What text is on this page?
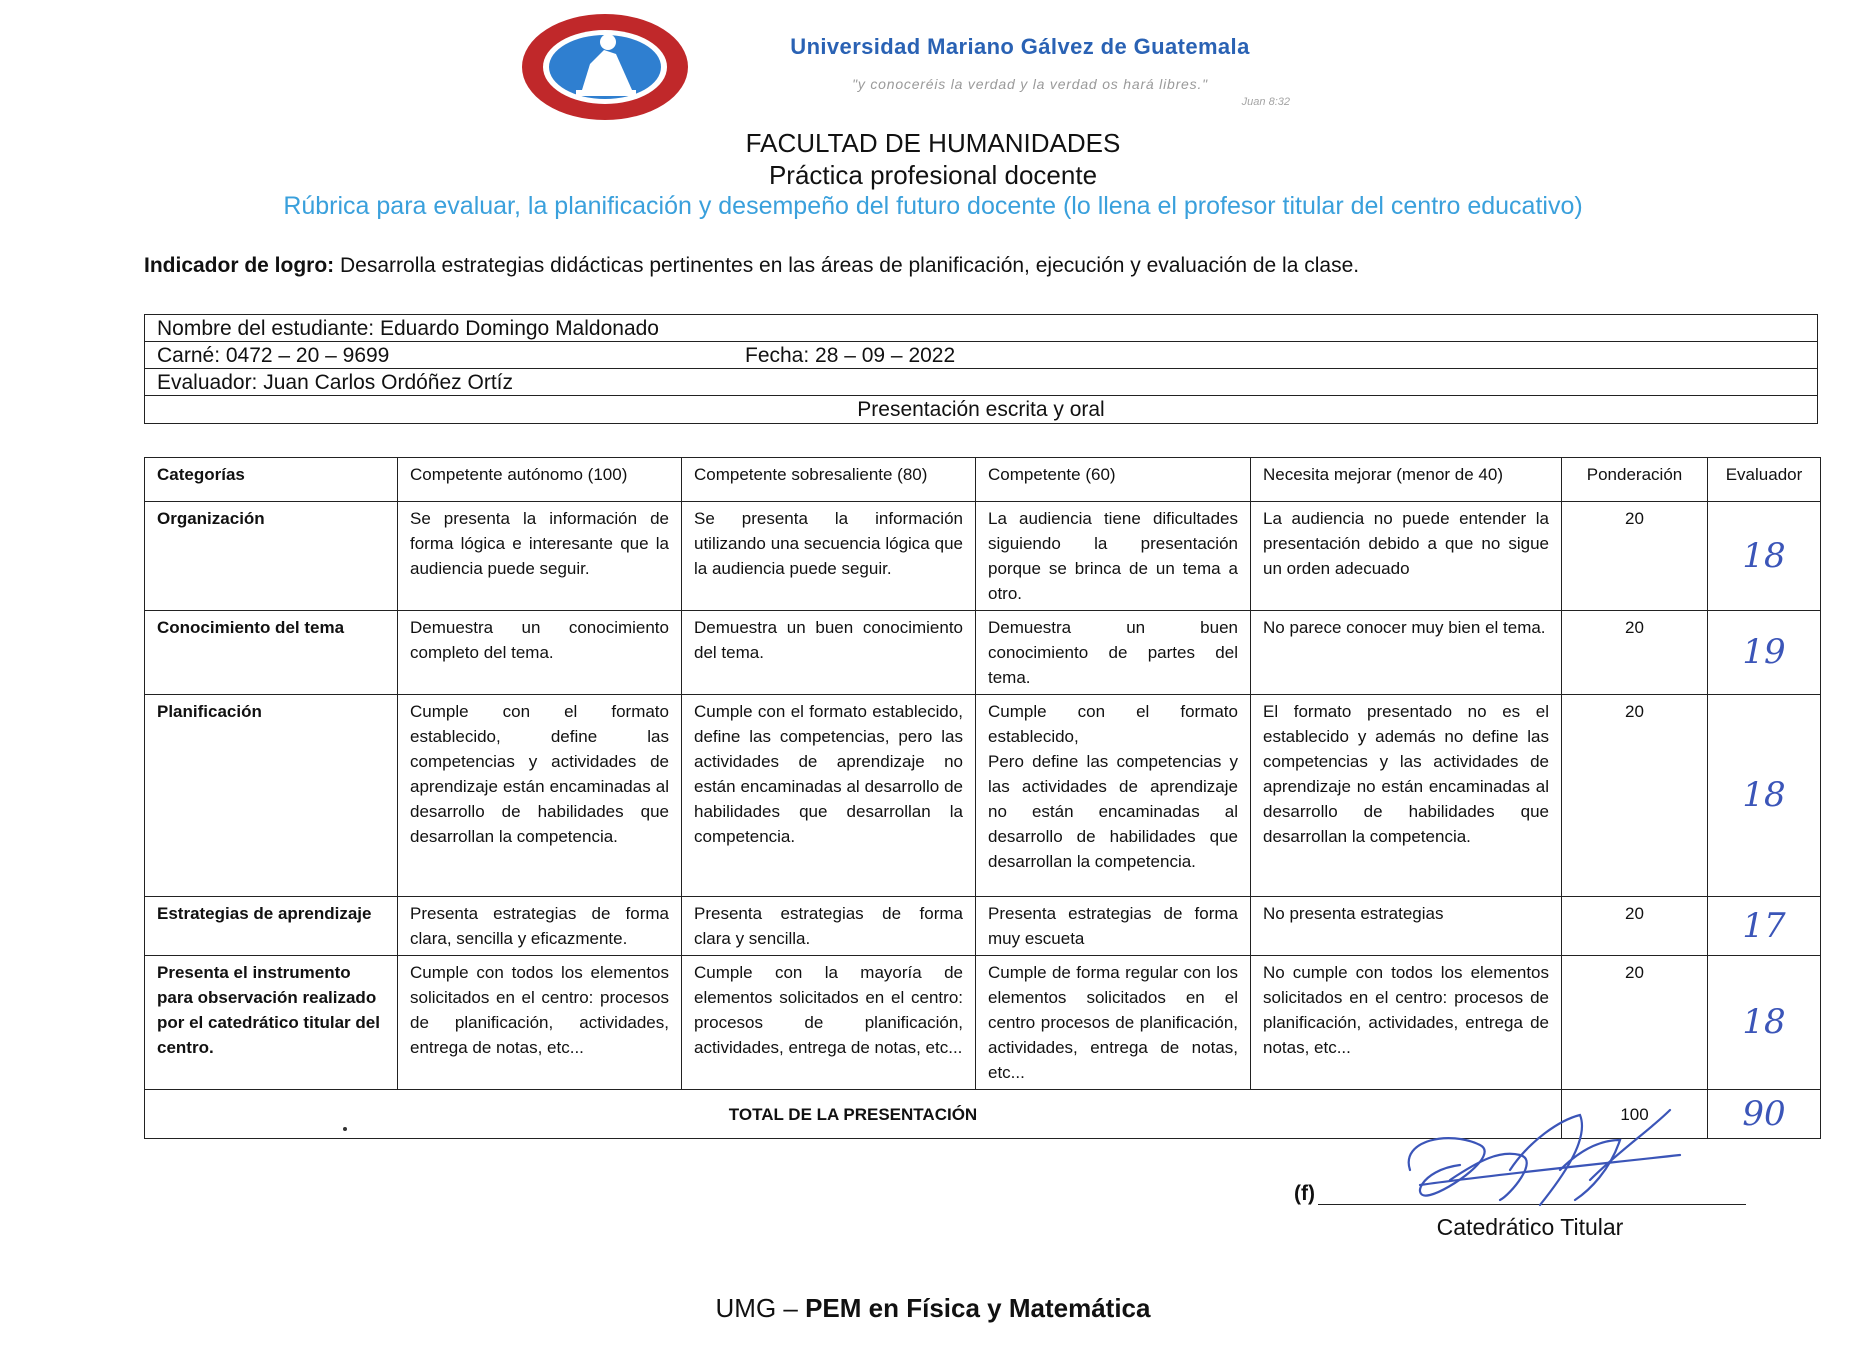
Universidad Mariano Gálvez de Guatemala
"y conoceréis la verdad y la verdad os hará libres."
Juan 8:32
FACULTAD DE HUMANIDADES
Práctica profesional docente
Rúbrica para evaluar, la planificación y desempeño del futuro docente (lo llena el profesor titular del centro educativo)
Indicador de logro: Desarrolla estrategias didácticas pertinentes en las áreas de planificación, ejecución y evaluación de la clase.
Nombre del estudiante: Eduardo Domingo Maldonado
Carné: 0472 – 20 – 9699	Fecha: 28 – 09 – 2022
Evaluador: Juan Carlos Ordóñez Ortíz
Presentación escrita y oral
Categorías	Competente autónomo (100)	Competente sobresaliente (80)	Competente (60)	Necesita mejorar (menor de 40)	Ponderación	Evaluador
Organización	Se presenta la información de forma lógica e interesante que la audiencia puede seguir.	Se presenta la información utilizando una secuencia lógica que la audiencia puede seguir.	La audiencia tiene dificultades siguiendo la presentación porque se brinca de un tema a otro.	La audiencia no puede entender la presentación debido a que no sigue un orden adecuado	20	18
Conocimiento del tema	Demuestra un conocimiento completo del tema.	Demuestra un buen conocimiento del tema.	Demuestra un buen conocimiento de partes del tema.	No parece conocer muy bien el tema.	20	19
Planificación	Cumple con el formato establecido, define las competencias y actividades de aprendizaje están encaminadas al desarrollo de habilidades que desarrollan la competencia.	Cumple con el formato establecido, define las competencias, pero las actividades de aprendizaje no están encaminadas al desarrollo de habilidades que desarrollan la competencia.	Cumple con el formato establecido,
Pero define las competencias y las actividades de aprendizaje no están encaminadas al desarrollo de habilidades que desarrollan la competencia.	El formato presentado no es el establecido y además no define las competencias y las actividades de aprendizaje no están encaminadas al desarrollo de habilidades que desarrollan la competencia.	20	18
Estrategias de aprendizaje	Presenta estrategias de forma clara, sencilla y eficazmente.	Presenta estrategias de forma clara y sencilla.	Presenta estrategias de forma muy escueta	No presenta estrategias	20	17
Presenta el instrumento para observación realizado por el catedrático titular del centro.	Cumple con todos los elementos solicitados en el centro: procesos de planificación, actividades, entrega de notas, etc...	Cumple con la mayoría de elementos solicitados en el centro: procesos de planificación, actividades, entrega de notas, etc...	Cumple de forma regular con los elementos solicitados en el centro procesos de planificación, actividades, entrega de notas, etc...	No cumple con todos los elementos solicitados en el centro: procesos de planificación, actividades, entrega de notas, etc...	20	18
TOTAL DE LA PRESENTACIÓN					100	90
(f)
Catedrático Titular
UMG – PEM en Física y Matemática
